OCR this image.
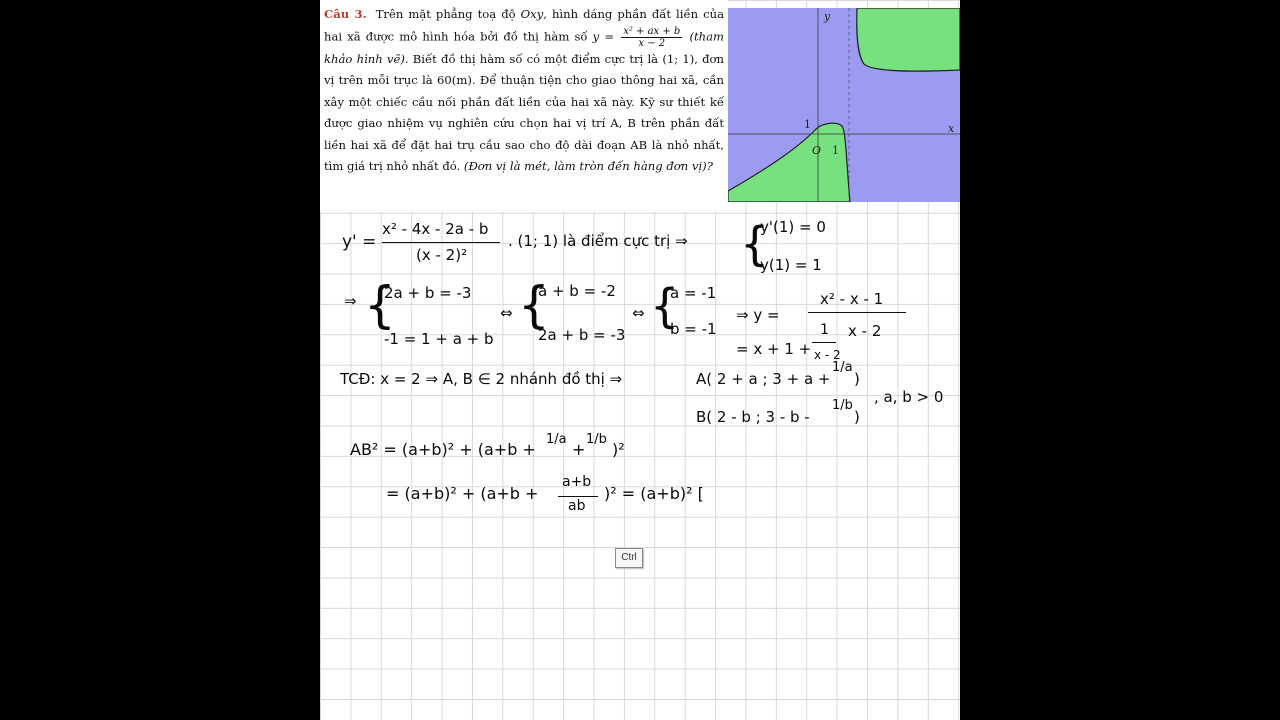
Câu 3. Trên mặt phẳng toạ độ Oxy, hình dáng phần đất liền của hai xã được mô hình hóa bởi đồ thị hàm số $y = \frac{\text{x² + ax + b}}{x - 2}$ (tham khảo hình vẽ). Biết đồ thị hàm số có một điểm cực trị là (1; 1), đơn vị trên mỗi trục là 60(m). Để thuận tiện cho giao thông hai xã, cần xây một chiếc cầu nối phần đất liền của hai xã này. Kỹ sư thiết kế được giao nhiệm vụ nghiên cứu chọn hai vị trí A, B trên phần đất liền hai xã để đặt hai trụ cầu sao cho độ dài đoạn AB là nhỏ nhất, tìm giá trị nhỏ nhất đó. (Đơn vị là mét, làm tròn đến hàng đơn vị)?
y
x
1
O 1
y' =
x² - 4x - 2a - b
(x - 2)²
. (1; 1) là điểm cực trị ⇒ {
y'(1) = 0
y(1) = 1
⇒ {
2a + b = -3
-1 = 1 + a + b
⇔ {
a + b = -2
2a + b = -3
⇔ {
a = -1
b = -1
⇒ y =
x² - x - 1
x - 2
= x + 1 +
1
x - 2
TCĐ: x = 2 ⇒ A, B ∈ 2 nhánh đồ thị ⇒	A( 2 + a ; 3 + a +
1/a
)
B( 2 - b ; 3 - b -
1/b
)
, a, b > 0
AB² = (a+b)² + (a+b +
1/a
+
1/b
)²
= (a+b)² + (a+b +
a+b
ab
)² = (a+b)² [
Ctrl
